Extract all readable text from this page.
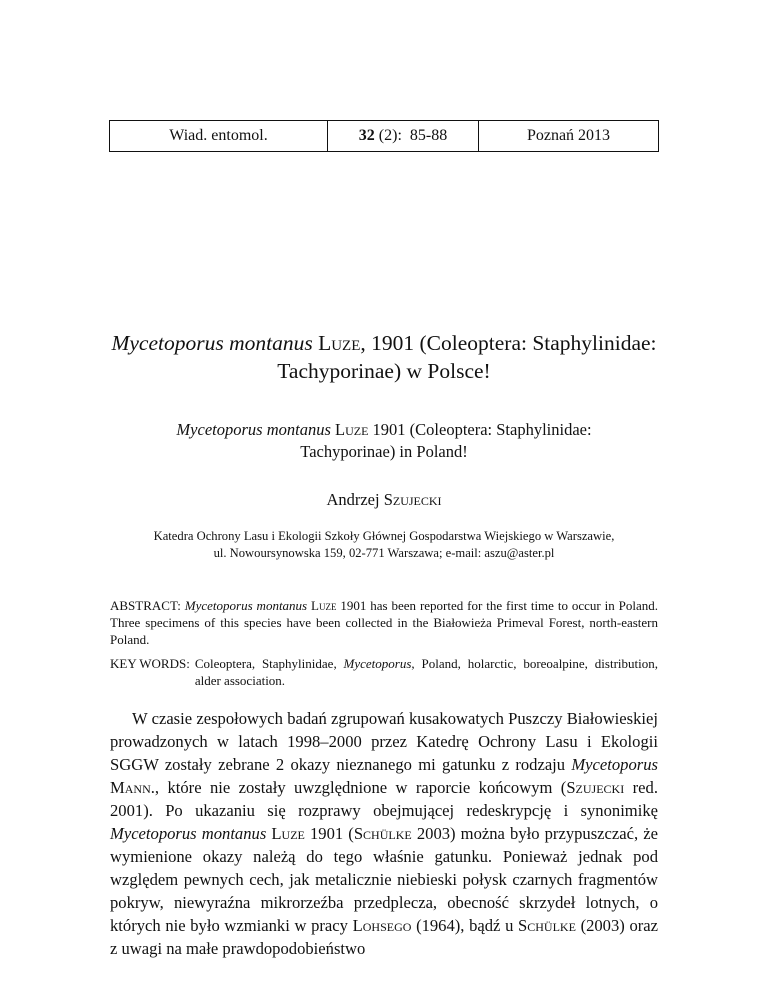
Wiad. entomol.	32 (2):  85-88	Poznań 2013
Mycetoporus montanus Luze, 1901 (Coleoptera: Staphylinidae:
Tachyporinae) w Polsce!
Mycetoporus montanus Luze 1901 (Coleoptera: Staphylinidae:
Tachyporinae) in Poland!
Andrzej Szujecki
Katedra Ochrony Lasu i Ekologii Szkoły Głównej Gospodarstwa Wiejskiego w Warszawie,
ul. Nowoursynowska 159, 02-771 Warszawa; e-mail: aszu@aster.pl
ABSTRACT: Mycetoporus montanus Luze 1901 has been reported for the first time to occur in Poland. Three specimens of this species have been collected in the Białowieża Primeval Forest, north-eastern Poland.
KEY WORDS: Coleoptera, Staphylinidae, Mycetoporus, Poland, holarctic, boreoalpine, distribution, alder association.

W czasie zespołowych badań zgrupowań kusakowatych Puszczy Białowieskiej prowadzonych w latach 1998–2000 przez Katedrę Ochrony Lasu i Ekologii SGGW zostały zebrane 2 okazy nieznanego mi gatunku z rodzaju Mycetoporus Mann., które nie zostały uwzględnione w raporcie końcowym (Szujecki red. 2001). Po ukazaniu się rozprawy obejmującej redeskrypcję i synonimikę Mycetoporus montanus Luze 1901 (Schülke 2003) można było przypuszczać, że wymienione okazy należą do tego właśnie gatunku. Ponieważ jednak pod względem pewnych cech, jak metalicznie niebieski połysk czarnych fragmentów pokryw, niewyraźna mikrorzeźba przedplecza, obecność skrzydeł lotnych, o których nie było wzmianki w pracy Lohsego (1964), bądź u Schülke (2003) oraz z uwagi na małe prawdopodobieństwo
